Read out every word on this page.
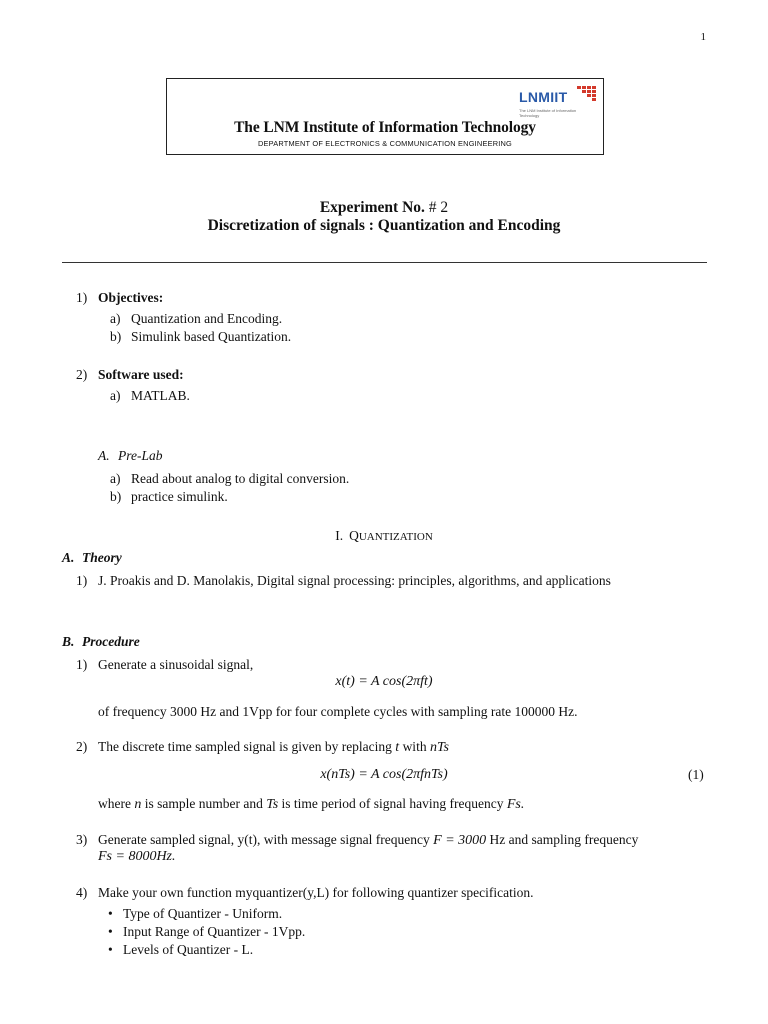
1
LNMIIT
The LNM Institute of Information Technology
The LNM Institute of Information Technology
DEPARTMENT OF ELECTRONICS & COMMUNICATION ENGINEERING
Experiment No. # 2
Discretization of signals : Quantization and Encoding
1) Objectives:
a) Quantization and Encoding.
b) Simulink based Quantization.
2) Software used:
a) MATLAB.
A. Pre-Lab
a) Read about analog to digital conversion.
b) practice simulink.
I. QUANTIZATION
A. Theory
1) J. Proakis and D. Manolakis, Digital signal processing: principles, algorithms, and applications
B. Procedure
1) Generate a sinusoidal signal,
x(t) = A cos(2πft)
of frequency 3000 Hz and 1Vpp for four complete cycles with sampling rate 100000 Hz.
2) The discrete time sampled signal is given by replacing t with nTs
x(nTs) = A cos(2πfnTs)	(1)
where n is sample number and Ts is time period of signal having frequency Fs.
3) Generate sampled signal, y(t), with message signal frequency F = 3000 Hz and sampling frequency
Fs = 8000Hz.
4) Make your own function myquantizer(y,L) for following quantizer specification.
• Type of Quantizer - Uniform.
• Input Range of Quantizer - 1Vpp.
• Levels of Quantizer - L.
